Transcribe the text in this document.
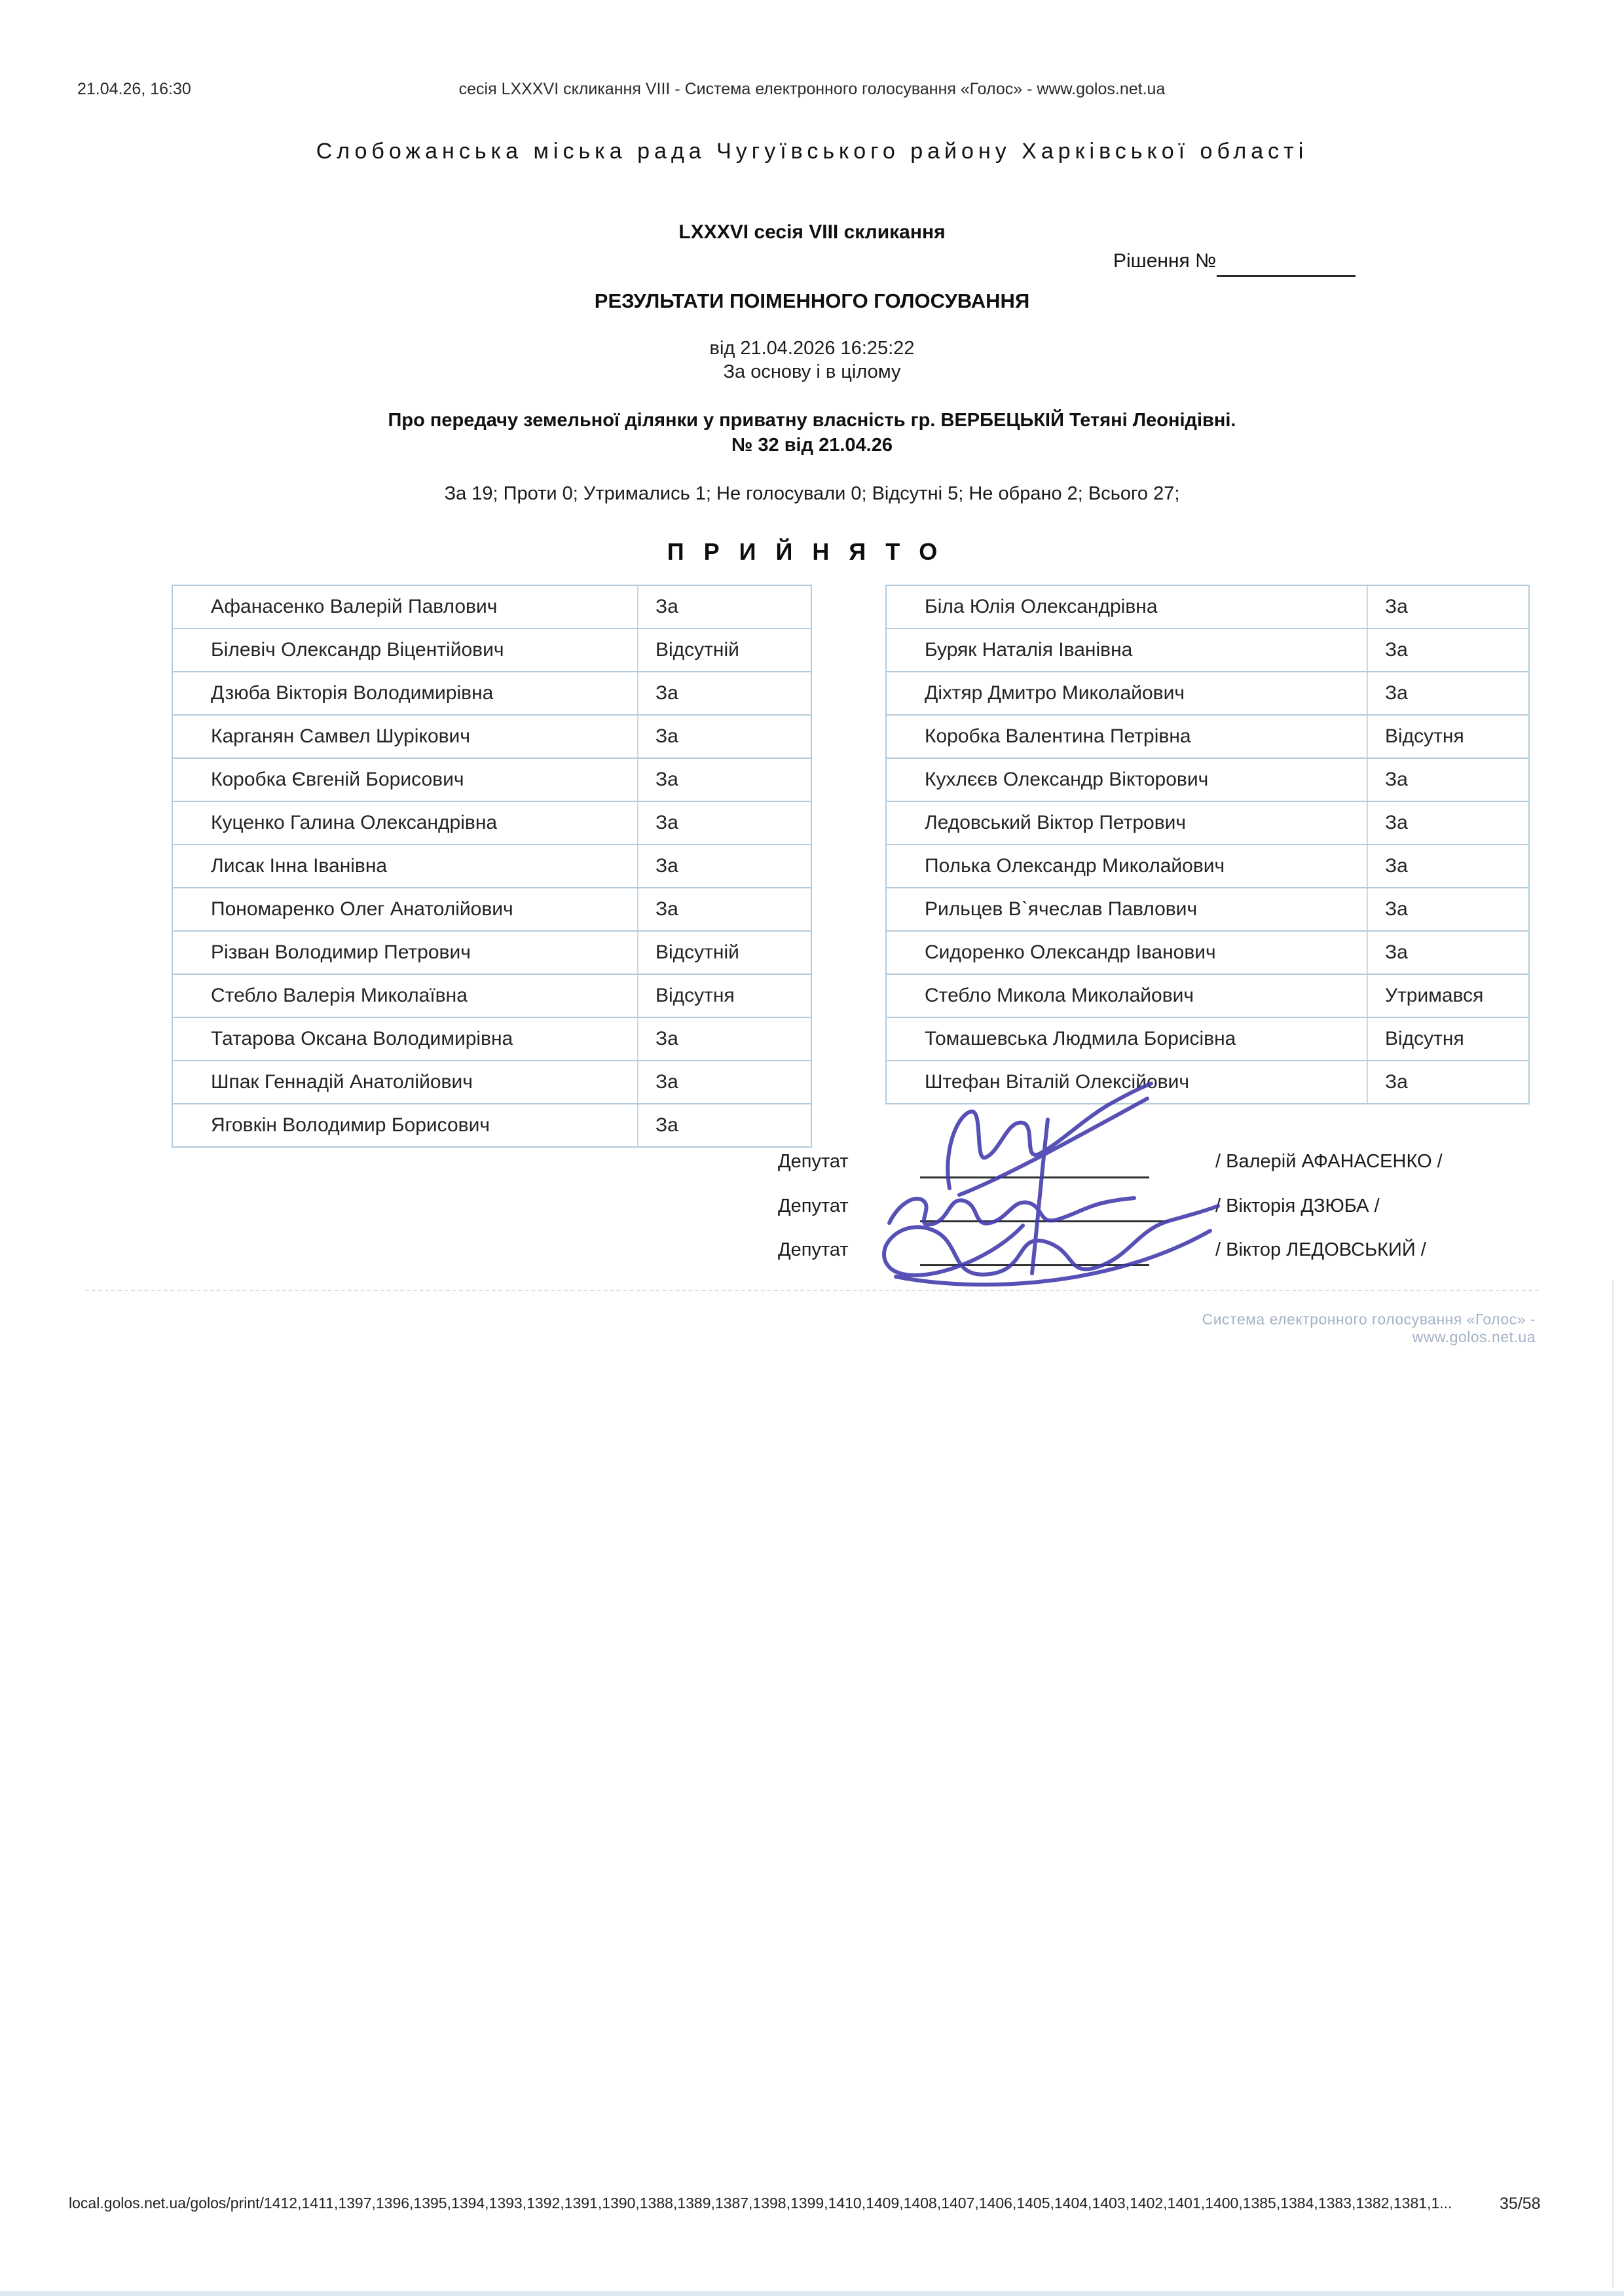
21.04.26, 16:30	сесія LXXXVI скликання VIII - Система електронного голосування «Голос» - www.golos.net.ua
Слобожанська міська рада Чугуївського району Харківської області
LXXXVI сесія VIII скликання
Рішення №
РЕЗУЛЬТАТИ ПОІМЕННОГО ГОЛОСУВАННЯ
від 21.04.2026 16:25:22
За основу і в цілому
Про передачу земельної ділянки у приватну власність гр. ВЕРБЕЦЬКІЙ Тетяні Леонідівні.
№ 32 від 21.04.26
За 19; Проти 0; Утримались 1; Не голосували 0; Відсутні 5; Не обрано 2; Всього 27;
ПРИЙНЯТО
Афанасенко Валерій Павлович	За
Білевіч Олександр Віцентійович	Відсутній
Дзюба Вікторія Володимирівна	За
Карганян Самвел Шурікович	За
Коробка Євгеній Борисович	За
Куценко Галина Олександрівна	За
Лисак Інна Іванівна	За
Пономаренко Олег Анатолійович	За
Різван Володимир Петрович	Відсутній
Стебло Валерія Миколаївна	Відсутня
Татарова Оксана Володимирівна	За
Шпак Геннадій Анатолійович	За
Яговкін Володимир Борисович	За
Біла Юлія Олександрівна	За
Буряк Наталія Іванівна	За
Діхтяр Дмитро Миколайович	За
Коробка Валентина Петрівна	Відсутня
Кухлєєв Олександр Вікторович	За
Ледовський Віктор Петрович	За
Полька Олександр Миколайович	За
Рильцев В`ячеслав Павлович	За
Сидоренко Олександр Іванович	За
Стебло Микола Миколайович	Утримався
Томашевська Людмила Борисівна	Відсутня
Штефан Віталій Олексійович	За
Депутат	/ Валерій АФАНАСЕНКО /
Депутат	/ Вікторія ДЗЮБА /
Депутат	/ Віктор ЛЕДОВСЬКИЙ /
Система електронного голосування «Голос» - www.golos.net.ua
local.golos.net.ua/golos/print/1412,1411,1397,1396,1395,1394,1393,1392,1391,1390,1388,1389,1387,1398,1399,1410,1409,1408,1407,1406,1405,1404,1403,1402,1401,1400,1385,1384,1383,1382,1381,1...	35/58
